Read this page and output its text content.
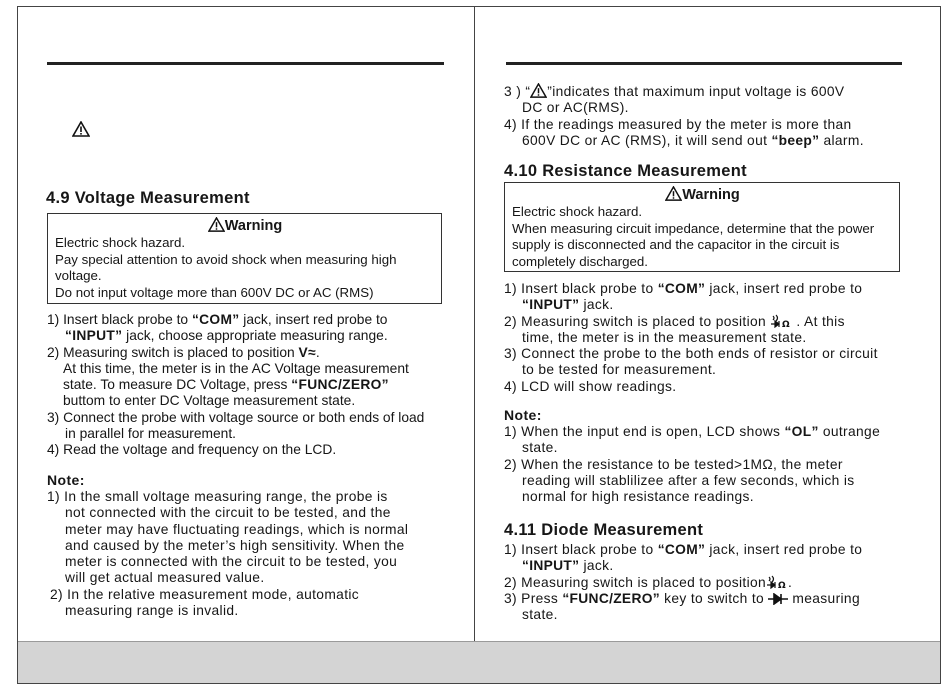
4.9 Voltage Measurement
Warning
Electric shock hazard.
Pay special attention to avoid shock when measuring high voltage.
Do not input voltage more than 600V DC or AC (RMS)
1) Insert black probe to “COM” jack, insert red probe to
“INPUT” jack, choose appropriate measuring range.
2) Measuring switch is placed to position V≈.
At this time, the meter is in the AC Voltage measurement
state. To measure DC Voltage, press “FUNC/ZERO”
buttom to enter DC Voltage measurement state.
3) Connect the probe with voltage source or both ends of load
in parallel for measurement.
4) Read the voltage and frequency on the LCD.
Note:
1) In the small voltage measuring range, the probe is
not connected with the circuit to be tested, and the
meter may have fluctuating readings, which is normal
and caused by the meter’s high sensitivity. When the
meter is connected with the circuit to be tested, you
will get actual measured value.
2) In the relative measurement mode, automatic
measuring range is invalid.
3 ) “ ”indicates that maximum input voltage is 600V
DC or AC(RMS).
4) If the readings measured by the meter is more than
600V DC or AC (RMS), it will send out “beep” alarm.
4.10 Resistance Measurement
Warning
Electric shock hazard.
When measuring circuit impedance, determine that the power supply is disconnected and the capacitor in the circuit is completely discharged.
1) Insert black probe to “COM” jack, insert red probe to
“INPUT” jack.
2) Measuring switch is placed to position Ω . At this
time, the meter is in the measurement state.
3) Connect the probe to the both ends of resistor or circuit
to be tested for measurement.
4) LCD will show readings.
Note:
1) When the input end is open, LCD shows “OL” outrange
state.
2) When the resistance to be tested>1MΩ, the meter
reading will stablilizee after a few seconds, which is
normal for high resistance readings.
4.11 Diode Measurement
1) Insert black probe to “COM” jack, insert red probe to
“INPUT” jack.
2) Measuring switch is placed to position Ω .
3) Press “FUNC/ZERO” key to switch to  measuring
state.
